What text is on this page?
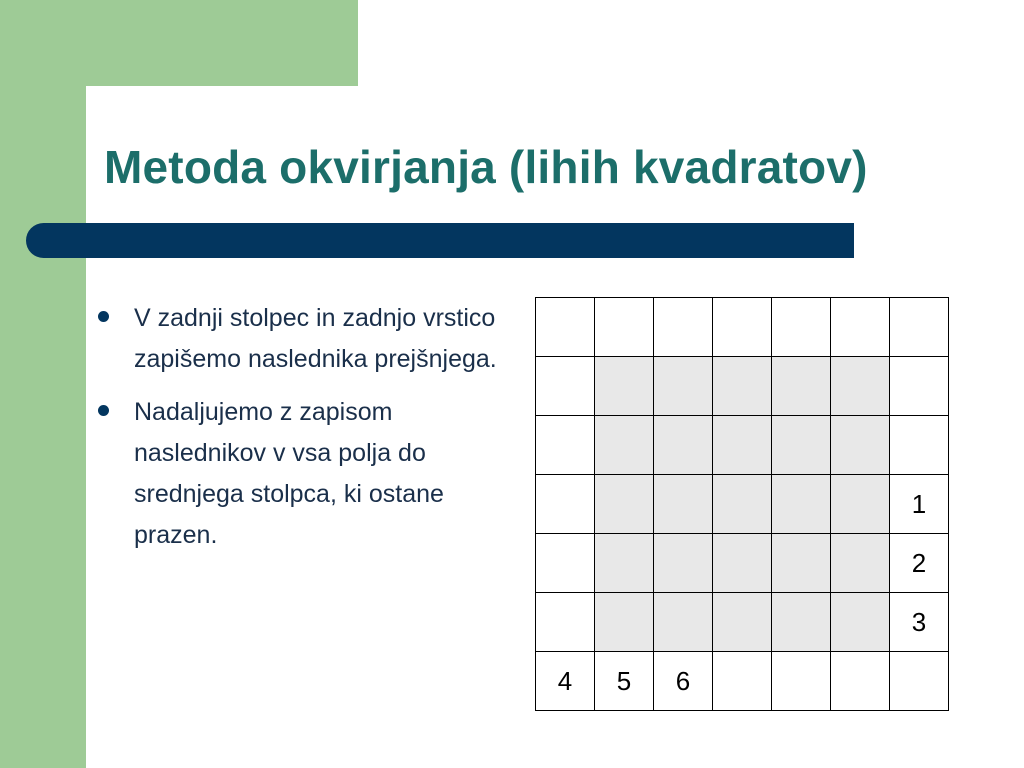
Metoda okvirjanja (lihih kvadratov)
V zadnji stolpec in zadnjo vrstico zapišemo naslednika prejšnjega.
Nadaljujemo z zapisom naslednikov v vsa polja do srednjega stolpca, ki ostane prazen.

						1
						2
						3
4	5	6				
